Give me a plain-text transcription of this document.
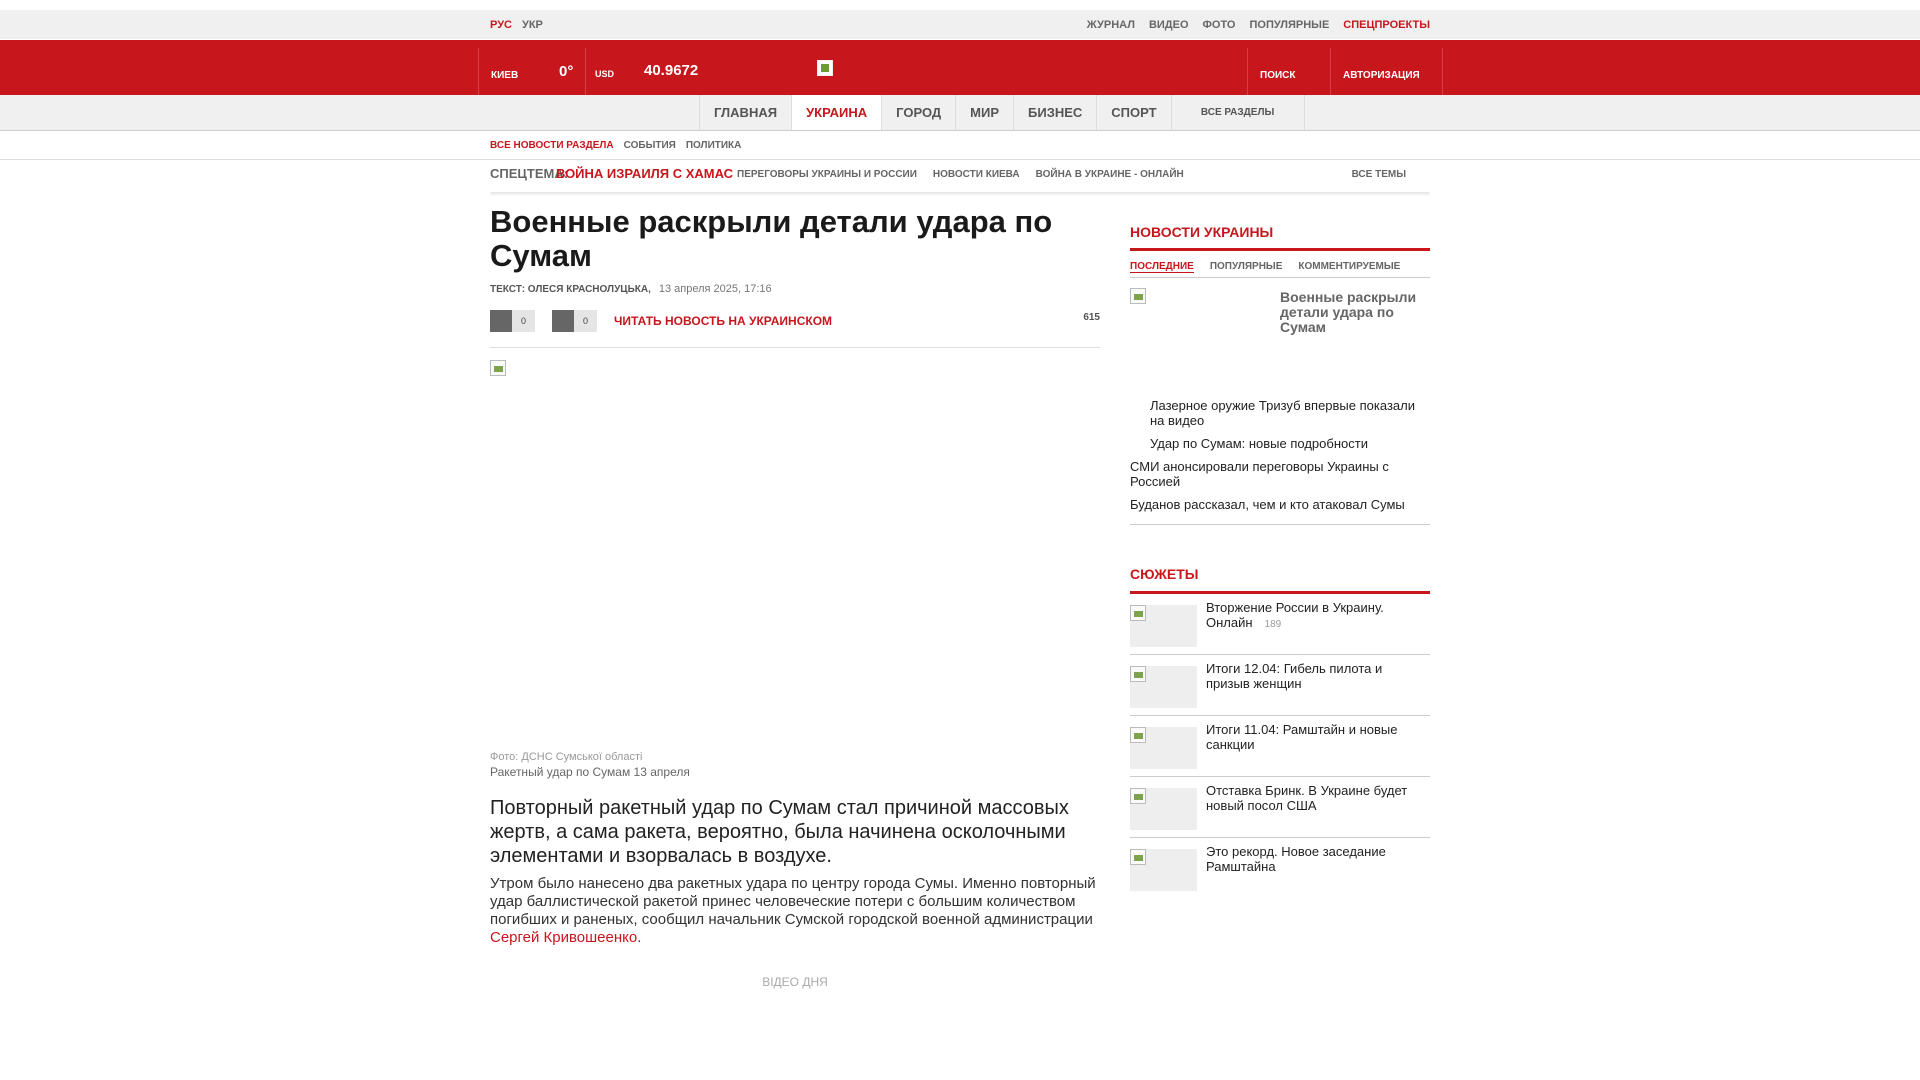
РУС УКР	ЖУРНАЛ ВИДЕО ФОТО ПОПУЛЯРНЫЕ СПЕЦПРОЕКТЫ
КИЕВ	0° USD 40.9672	ПОИСК	АВТОРИЗАЦИЯ
ГЛАВНАЯ	УКРАИНА	ГОРОД	МИР	БИЗНЕС	СПОРТ	ВСЕ РАЗДЕЛЫ
ВСЕ НОВОСТИ РАЗДЕЛА СОБЫТИЯ ПОЛИТИКА
СПЕЦТЕМА:
ВОЙНА ИЗРАИЛЯ С ХАМАС ПЕРЕГОВОРЫ УКРАИНЫ И РОССИИ НОВОСТИ КИЕВА ВОЙНА В УКРАИНЕ - ОНЛАЙН	ВСЕ ТЕМЫ
Военные раскрыли детали удара по Сумам
ТЕКСТ: ОЛЕСЯ КРАСНОЛУЦЬКА, 13 апреля 2025, 17:16
0	0	ЧИТАТЬ НОВОСТЬ НА УКРАИНСКОМ	615
Фото: ДСНС Сумської області
Ракетный удар по Сумам 13 апреля

Повторный ракетный удар по Сумам стал причиной массовых жертв, а сама ракета, вероятно, была начинена осколочными элементами и взорвалась в воздухе.

Утром было нанесено два ракетных удара по центру города Сумы. Именно повторный удар баллистической ракетой принес человеческие потери с большим количеством погибших и раненых, сообщил начальник Сумской городской военной администрации Сергей Кривошеенко.

ВІДЕО ДНЯ
НОВОСТИ УКРАИНЫ
ПОСЛЕДНИЕ ПОПУЛЯРНЫЕ КОММЕНТИРУЕМЫЕ
Военные раскрыли детали удара по Сумам
Лазерное оружие Тризуб впервые показали на видео
Удар по Сумам: новые подробности
СМИ анонсировали переговоры Украины с Россией
Буданов рассказал, чем и кто атаковал Сумы
СЮЖЕТЫ
Вторжение России в Украину. Онлайн 189
Итоги 12.04: Гибель пилота и призыв женщин
Итоги 11.04: Рамштайн и новые санкции
Отставка Бринк. В Украине будет новый посол США
Это рекорд. Новое заседание Рамштайна
